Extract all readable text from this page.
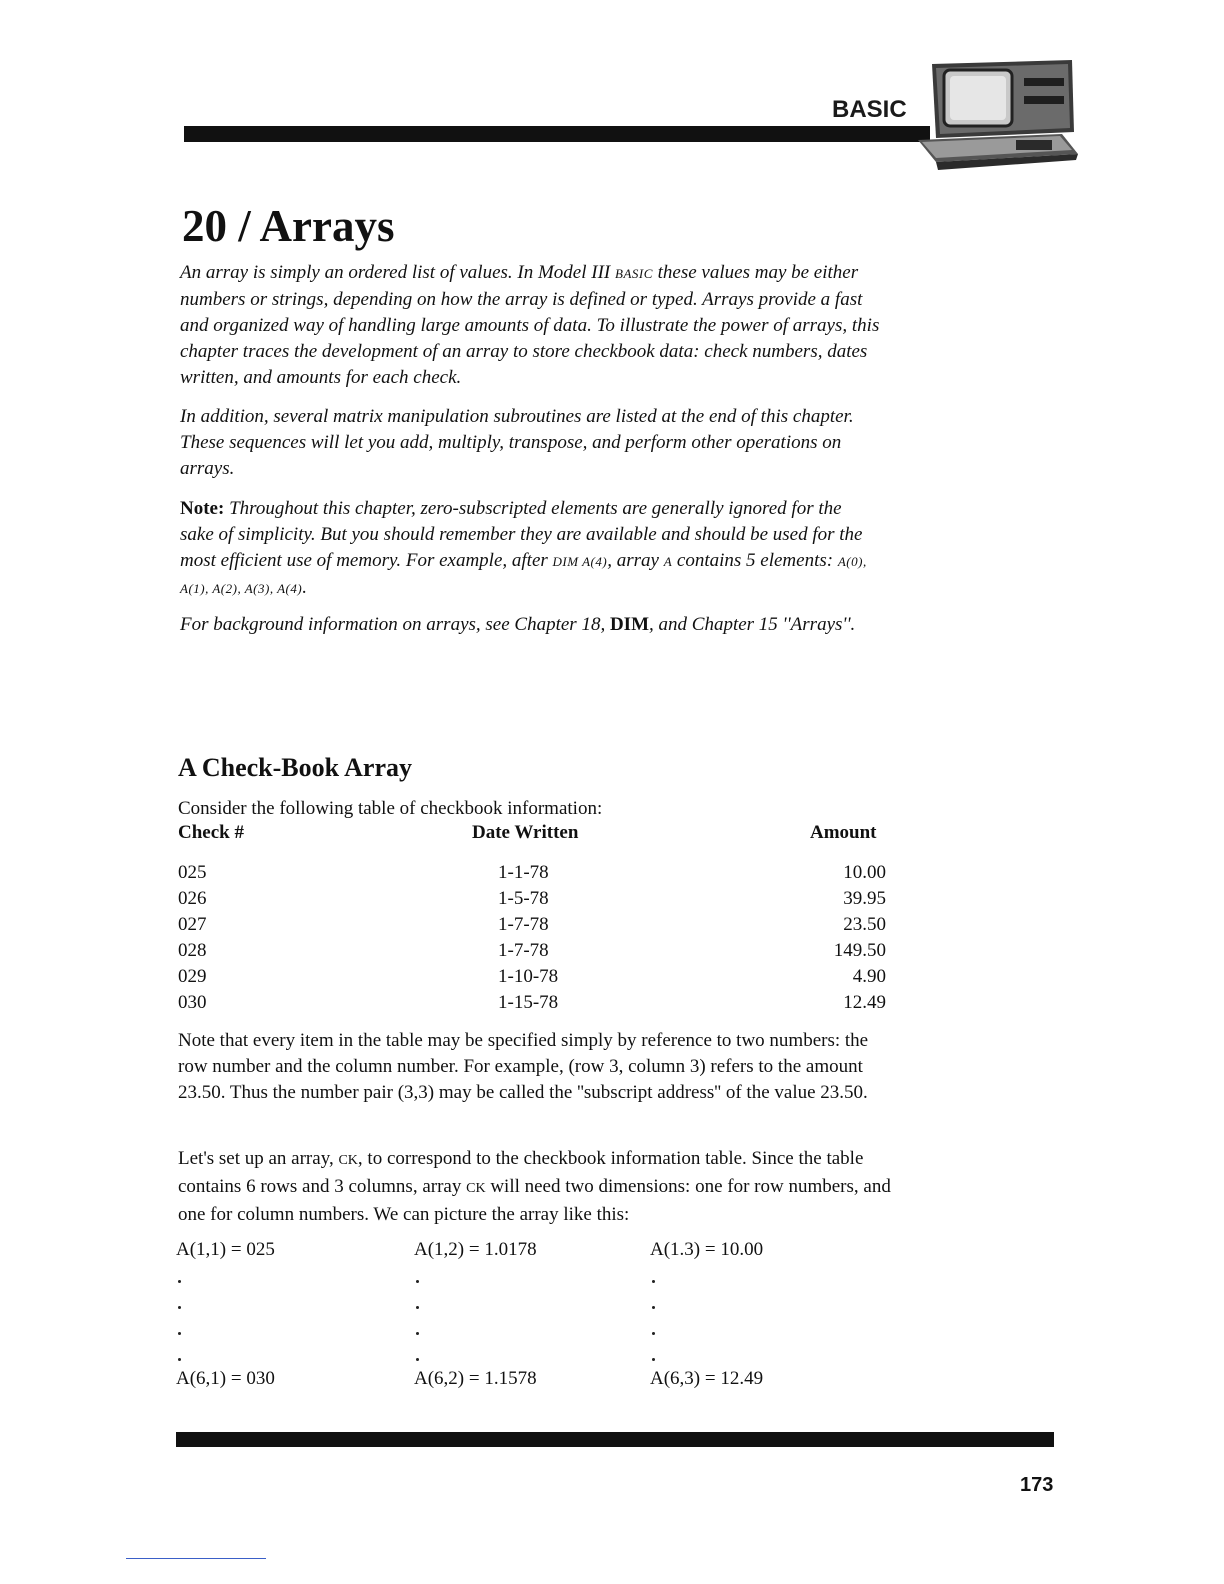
BASIC
20 / Arrays

An array is simply an ordered list of values. In Model III BASIC these values may be either numbers or strings, depending on how the array is defined or typed. Arrays provide a fast and organized way of handling large amounts of data. To illustrate the power of arrays, this chapter traces the development of an array to store checkbook data: check numbers, dates written, and amounts for each check.

In addition, several matrix manipulation subroutines are listed at the end of this chapter. These sequences will let you add, multiply, transpose, and perform other operations on arrays.

Note: Throughout this chapter, zero-subscripted elements are generally ignored for the sake of simplicity. But you should remember they are available and should be used for the most efficient use of memory. For example, after DIM A(4), array A contains 5 elements: A(0), A(1), A(2), A(3), A(4).

For background information on arrays, see Chapter 18, DIM, and Chapter 15 ''Arrays''.

A Check-Book Array

Consider the following table of checkbook information:

Check #	Date Written	Amount
025	1-1-78	10.00
026	1-5-78	39.95
027	1-7-78	23.50
028	1-7-78	149.50
029	1-10-78	4.90
030	1-15-78	12.49

Note that every item in the table may be specified simply by reference to two numbers: the row number and the column number. For example, (row 3, column 3) refers to the amount 23.50. Thus the number pair (3,3) may be called the ''subscript address'' of the value 23.50.

Let's set up an array, CK, to correspond to the checkbook information table. Since the table contains 6 rows and 3 columns, array CK will need two dimensions: one for row numbers, and one for column numbers. We can picture the array like this:

A(1,1) = 025	A(1,2) = 1.0178	A(1.3) = 10.00
A(6,1) = 030	A(6,2) = 1.1578	A(6,3) = 12.49
173
